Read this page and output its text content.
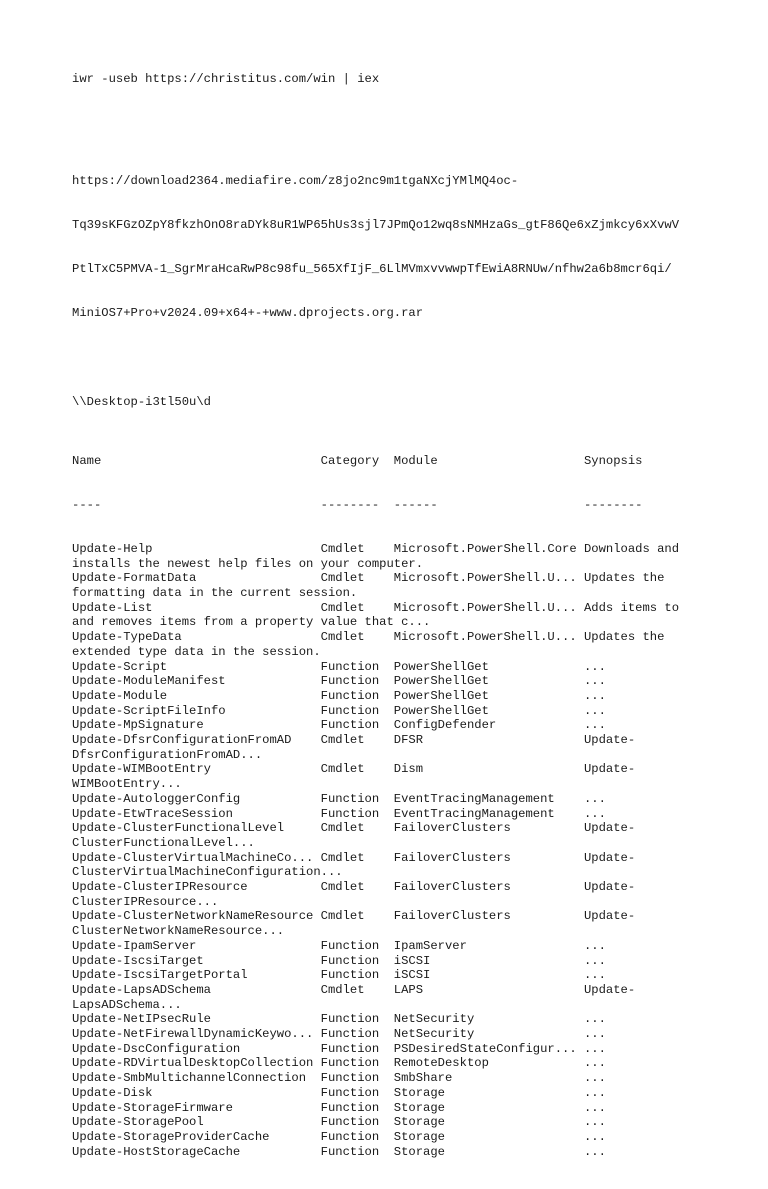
iwr -useb https://christitus.com/win | iex

https://download2364.mediafire.com/z8jo2nc9m1tgaNXcjYMlMQ4oc-

Tq39sKFGzOZpY8fkzhOnO8raDYk8uR1WP65hUs3sjl7JPmQo12wq8sNMHzaGs_gtF86Qe6xZjmkcy6xXvwV

PtlTxC5PMVA-1_SgrMraHcaRwP8c98fu_565XfIjF_6LlMVmxvvwwpTfEwiA8RNUw/nfhw2a6b8mcr6qi/

MiniOS7+Pro+v2024.09+x64+-+www.dprojects.org.rar

\\Desktop-i3tl50u\d

Name                              Category  Module                    Synopsis

----                              --------  ------                    --------

Update-Help                       Cmdlet    Microsoft.PowerShell.Core Downloads and
installs the newest help files on your computer.
Update-FormatData                 Cmdlet    Microsoft.PowerShell.U... Updates the
formatting data in the current session.
Update-List                       Cmdlet    Microsoft.PowerShell.U... Adds items to
and removes items from a property value that c...
Update-TypeData                   Cmdlet    Microsoft.PowerShell.U... Updates the
extended type data in the session.
Update-Script                     Function  PowerShellGet             ...
Update-ModuleManifest             Function  PowerShellGet             ...
Update-Module                     Function  PowerShellGet             ...
Update-ScriptFileInfo             Function  PowerShellGet             ...
Update-MpSignature                Function  ConfigDefender            ...
Update-DfsrConfigurationFromAD    Cmdlet    DFSR                      Update-
DfsrConfigurationFromAD...
Update-WIMBootEntry               Cmdlet    Dism                      Update-
WIMBootEntry...
Update-AutologgerConfig           Function  EventTracingManagement    ...
Update-EtwTraceSession            Function  EventTracingManagement    ...
Update-ClusterFunctionalLevel     Cmdlet    FailoverClusters          Update-
ClusterFunctionalLevel...
Update-ClusterVirtualMachineCo... Cmdlet    FailoverClusters          Update-
ClusterVirtualMachineConfiguration...
Update-ClusterIPResource          Cmdlet    FailoverClusters          Update-
ClusterIPResource...
Update-ClusterNetworkNameResource Cmdlet    FailoverClusters          Update-
ClusterNetworkNameResource...
Update-IpamServer                 Function  IpamServer                ...
Update-IscsiTarget                Function  iSCSI                     ...
Update-IscsiTargetPortal          Function  iSCSI                     ...
Update-LapsADSchema               Cmdlet    LAPS                      Update-
LapsADSchema...
Update-NetIPsecRule               Function  NetSecurity               ...
Update-NetFirewallDynamicKeywo... Function  NetSecurity               ...
Update-DscConfiguration           Function  PSDesiredStateConfigur... ...
Update-RDVirtualDesktopCollection Function  RemoteDesktop             ...
Update-SmbMultichannelConnection  Function  SmbShare                  ...
Update-Disk                       Function  Storage                   ...
Update-StorageFirmware            Function  Storage                   ...
Update-StoragePool                Function  Storage                   ...
Update-StorageProviderCache       Function  Storage                   ...
Update-HostStorageCache           Function  Storage                   ...
